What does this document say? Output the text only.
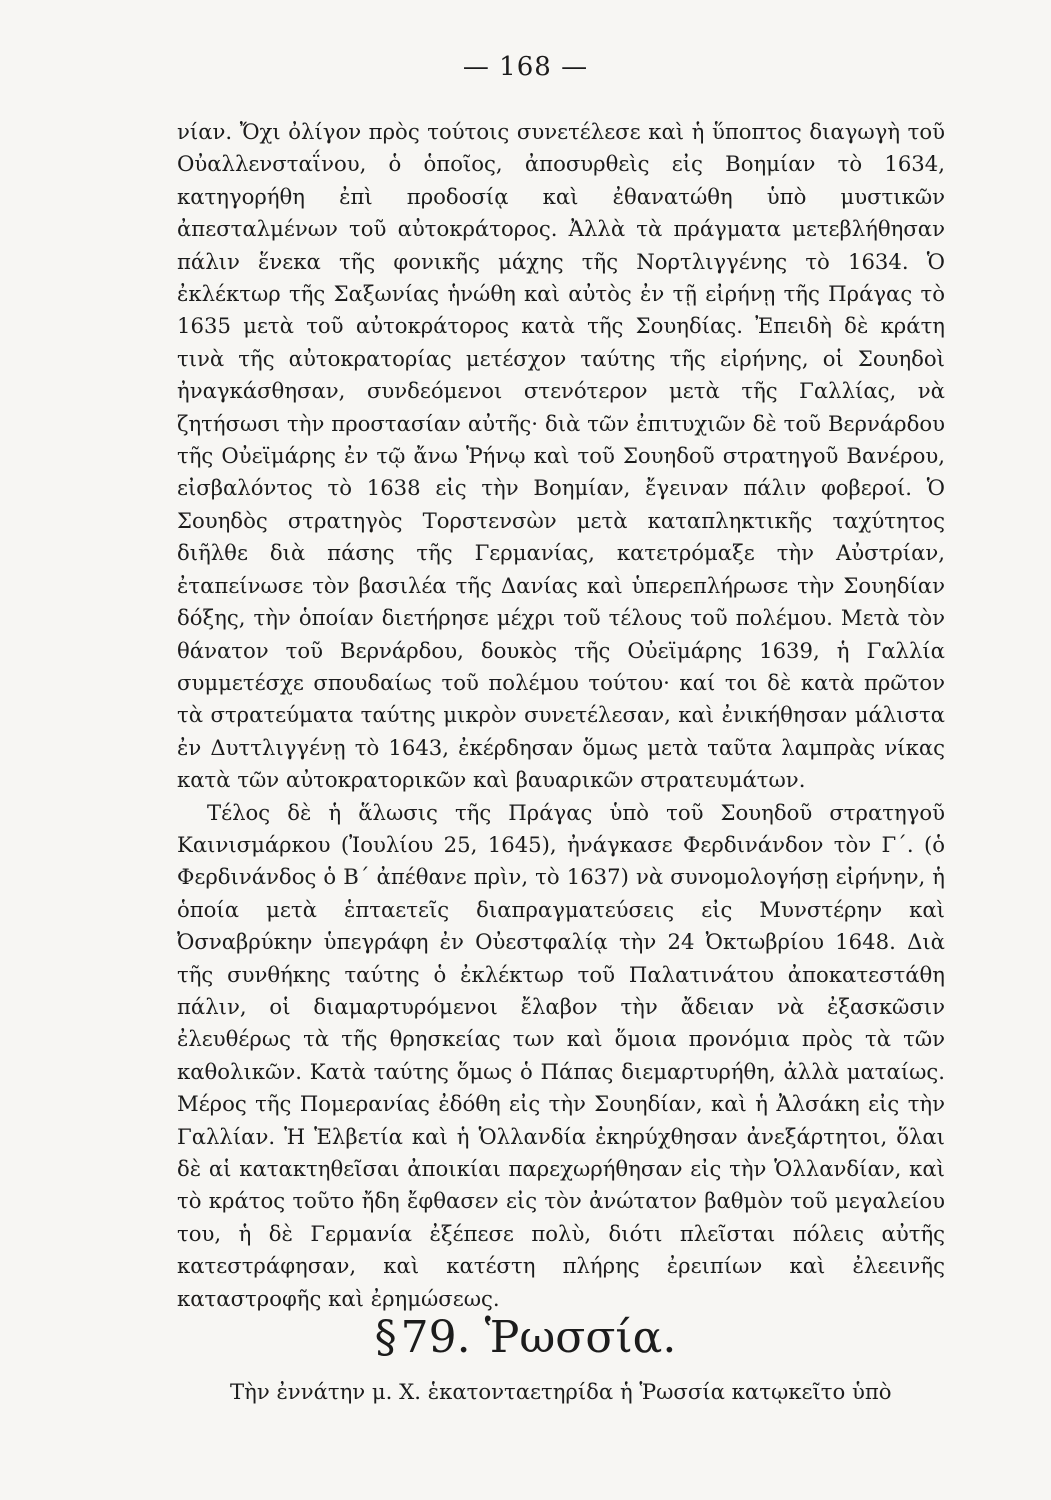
— 168 —

νίαν. Ὄχι ὀλίγον πρὸς τούτοις συνετέλεσε καὶ ἡ ὕποπτος διαγωγὴ τοῦ Οὐαλλενσταΐνου, ὁ ὁποῖος, ἀποσυρθεὶς εἰς Βοημίαν τὸ 1634, κατηγορήθη ἐπὶ προδοσίᾳ καὶ ἐθανατώθη ὑπὸ μυστικῶν ἀπεσταλμένων τοῦ αὐτοκράτορος. Ἀλλὰ τὰ πράγματα μετεβλήθησαν πάλιν ἕνεκα τῆς φονικῆς μάχης τῆς Νορτλιγγένης τὸ 1634. Ὁ ἐκλέκτωρ τῆς Σαξωνίας ἡνώθη καὶ αὐτὸς ἐν τῇ εἰρήνῃ τῆς Πράγας τὸ 1635 μετὰ τοῦ αὐτοκράτορος κατὰ τῆς Σουηδίας. Ἐπειδὴ δὲ κράτη τινὰ τῆς αὐτοκρατορίας μετέσχον ταύτης τῆς εἰρήνης, οἱ Σουηδοὶ ἠναγκάσθησαν, συνδεόμενοι στενότερον μετὰ τῆς Γαλλίας, νὰ ζητήσωσι τὴν προστασίαν αὐτῆς· διὰ τῶν ἐπιτυχιῶν δὲ τοῦ Βερνάρδου τῆς Οὐεϊμάρης ἐν τῷ ἄνω Ῥήνῳ καὶ τοῦ Σουηδοῦ στρατηγοῦ Βανέρου, εἰσβαλόντος τὸ 1638 εἰς τὴν Βοημίαν, ἔγειναν πάλιν φοβεροί. Ὁ Σουηδὸς στρατηγὸς Τορστενσὼν μετὰ καταπληκτικῆς ταχύτητος διῆλθε διὰ πάσης τῆς Γερμανίας, κατετρόμαξε τὴν Αὐστρίαν, ἐταπείνωσε τὸν βασιλέα τῆς Δανίας καὶ ὑπερεπλήρωσε τὴν Σουηδίαν δόξης, τὴν ὁποίαν διετήρησε μέχρι τοῦ τέλους τοῦ πολέμου. Μετὰ τὸν θάνατον τοῦ Βερνάρδου, δουκὸς τῆς Οὐεϊμάρης 1639, ἡ Γαλλία συμμετέσχε σπουδαίως τοῦ πολέμου τούτου· καί τοι δὲ κατὰ πρῶτον τὰ στρατεύματα ταύτης μικρὸν συνετέλεσαν, καὶ ἐνικήθησαν μάλιστα ἐν Δυττλιγγένῃ τὸ 1643, ἐκέρδησαν ὅμως μετὰ ταῦτα λαμπρὰς νίκας κατὰ τῶν αὐτοκρατορικῶν καὶ βαυαρικῶν στρατευμάτων.

Τέλος δὲ ἡ ἅλωσις τῆς Πράγας ὑπὸ τοῦ Σουηδοῦ στρατηγοῦ Καινισμάρκου (Ἰουλίου 25, 1645), ἠνάγκασε Φερδινάνδον τὸν Γ΄. (ὁ Φερδινάνδος ὁ Β΄ ἀπέθανε πρὶν, τὸ 1637) νὰ συνομολογήσῃ εἰρήνην, ἡ ὁποία μετὰ ἑπταετεῖς διαπραγματεύσεις εἰς Μυνστέρην καὶ Ὀσναβρύκην ὑπεγράφη ἐν Οὐεστφαλίᾳ τὴν 24 Ὀκτωβρίου 1648. Διὰ τῆς συνθήκης ταύτης ὁ ἐκλέκτωρ τοῦ Παλατινάτου ἀποκατεστάθη πάλιν, οἱ διαμαρτυρόμενοι ἔλαβον τὴν ἄδειαν νὰ ἐξασκῶσιν ἐλευθέρως τὰ τῆς θρησκείας των καὶ ὅμοια προνόμια πρὸς τὰ τῶν καθολικῶν. Κατὰ ταύτης ὅμως ὁ Πάπας διεμαρτυρήθη, ἀλλὰ ματαίως. Μέρος τῆς Πομερανίας ἐδόθη εἰς τὴν Σουηδίαν, καὶ ἡ Ἀλσάκη εἰς τὴν Γαλλίαν. Ἡ Ἑλβετία καὶ ἡ Ὁλλανδία ἐκηρύχθησαν ἀνεξάρτητοι, ὅλαι δὲ αἱ κατακτηθεῖσαι ἀποικίαι παρεχωρήθησαν εἰς τὴν Ὁλλανδίαν, καὶ τὸ κράτος τοῦτο ἤδη ἔφθασεν εἰς τὸν ἀνώτατον βαθμὸν τοῦ μεγαλείου του, ἡ δὲ Γερμανία ἐξέπεσε πολὺ, διότι πλεῖσται πόλεις αὐτῆς κατεστράφησαν, καὶ κατέστη πλήρης ἐρειπίων καὶ ἐλεεινῆς καταστροφῆς καὶ ἐρημώσεως.

§79. Ῥωσσία.
Τὴν ἐννάτην μ. Χ. ἑκατονταετηρίδα ἡ Ῥωσσία κατῳκεῖτο ὑπὸ
